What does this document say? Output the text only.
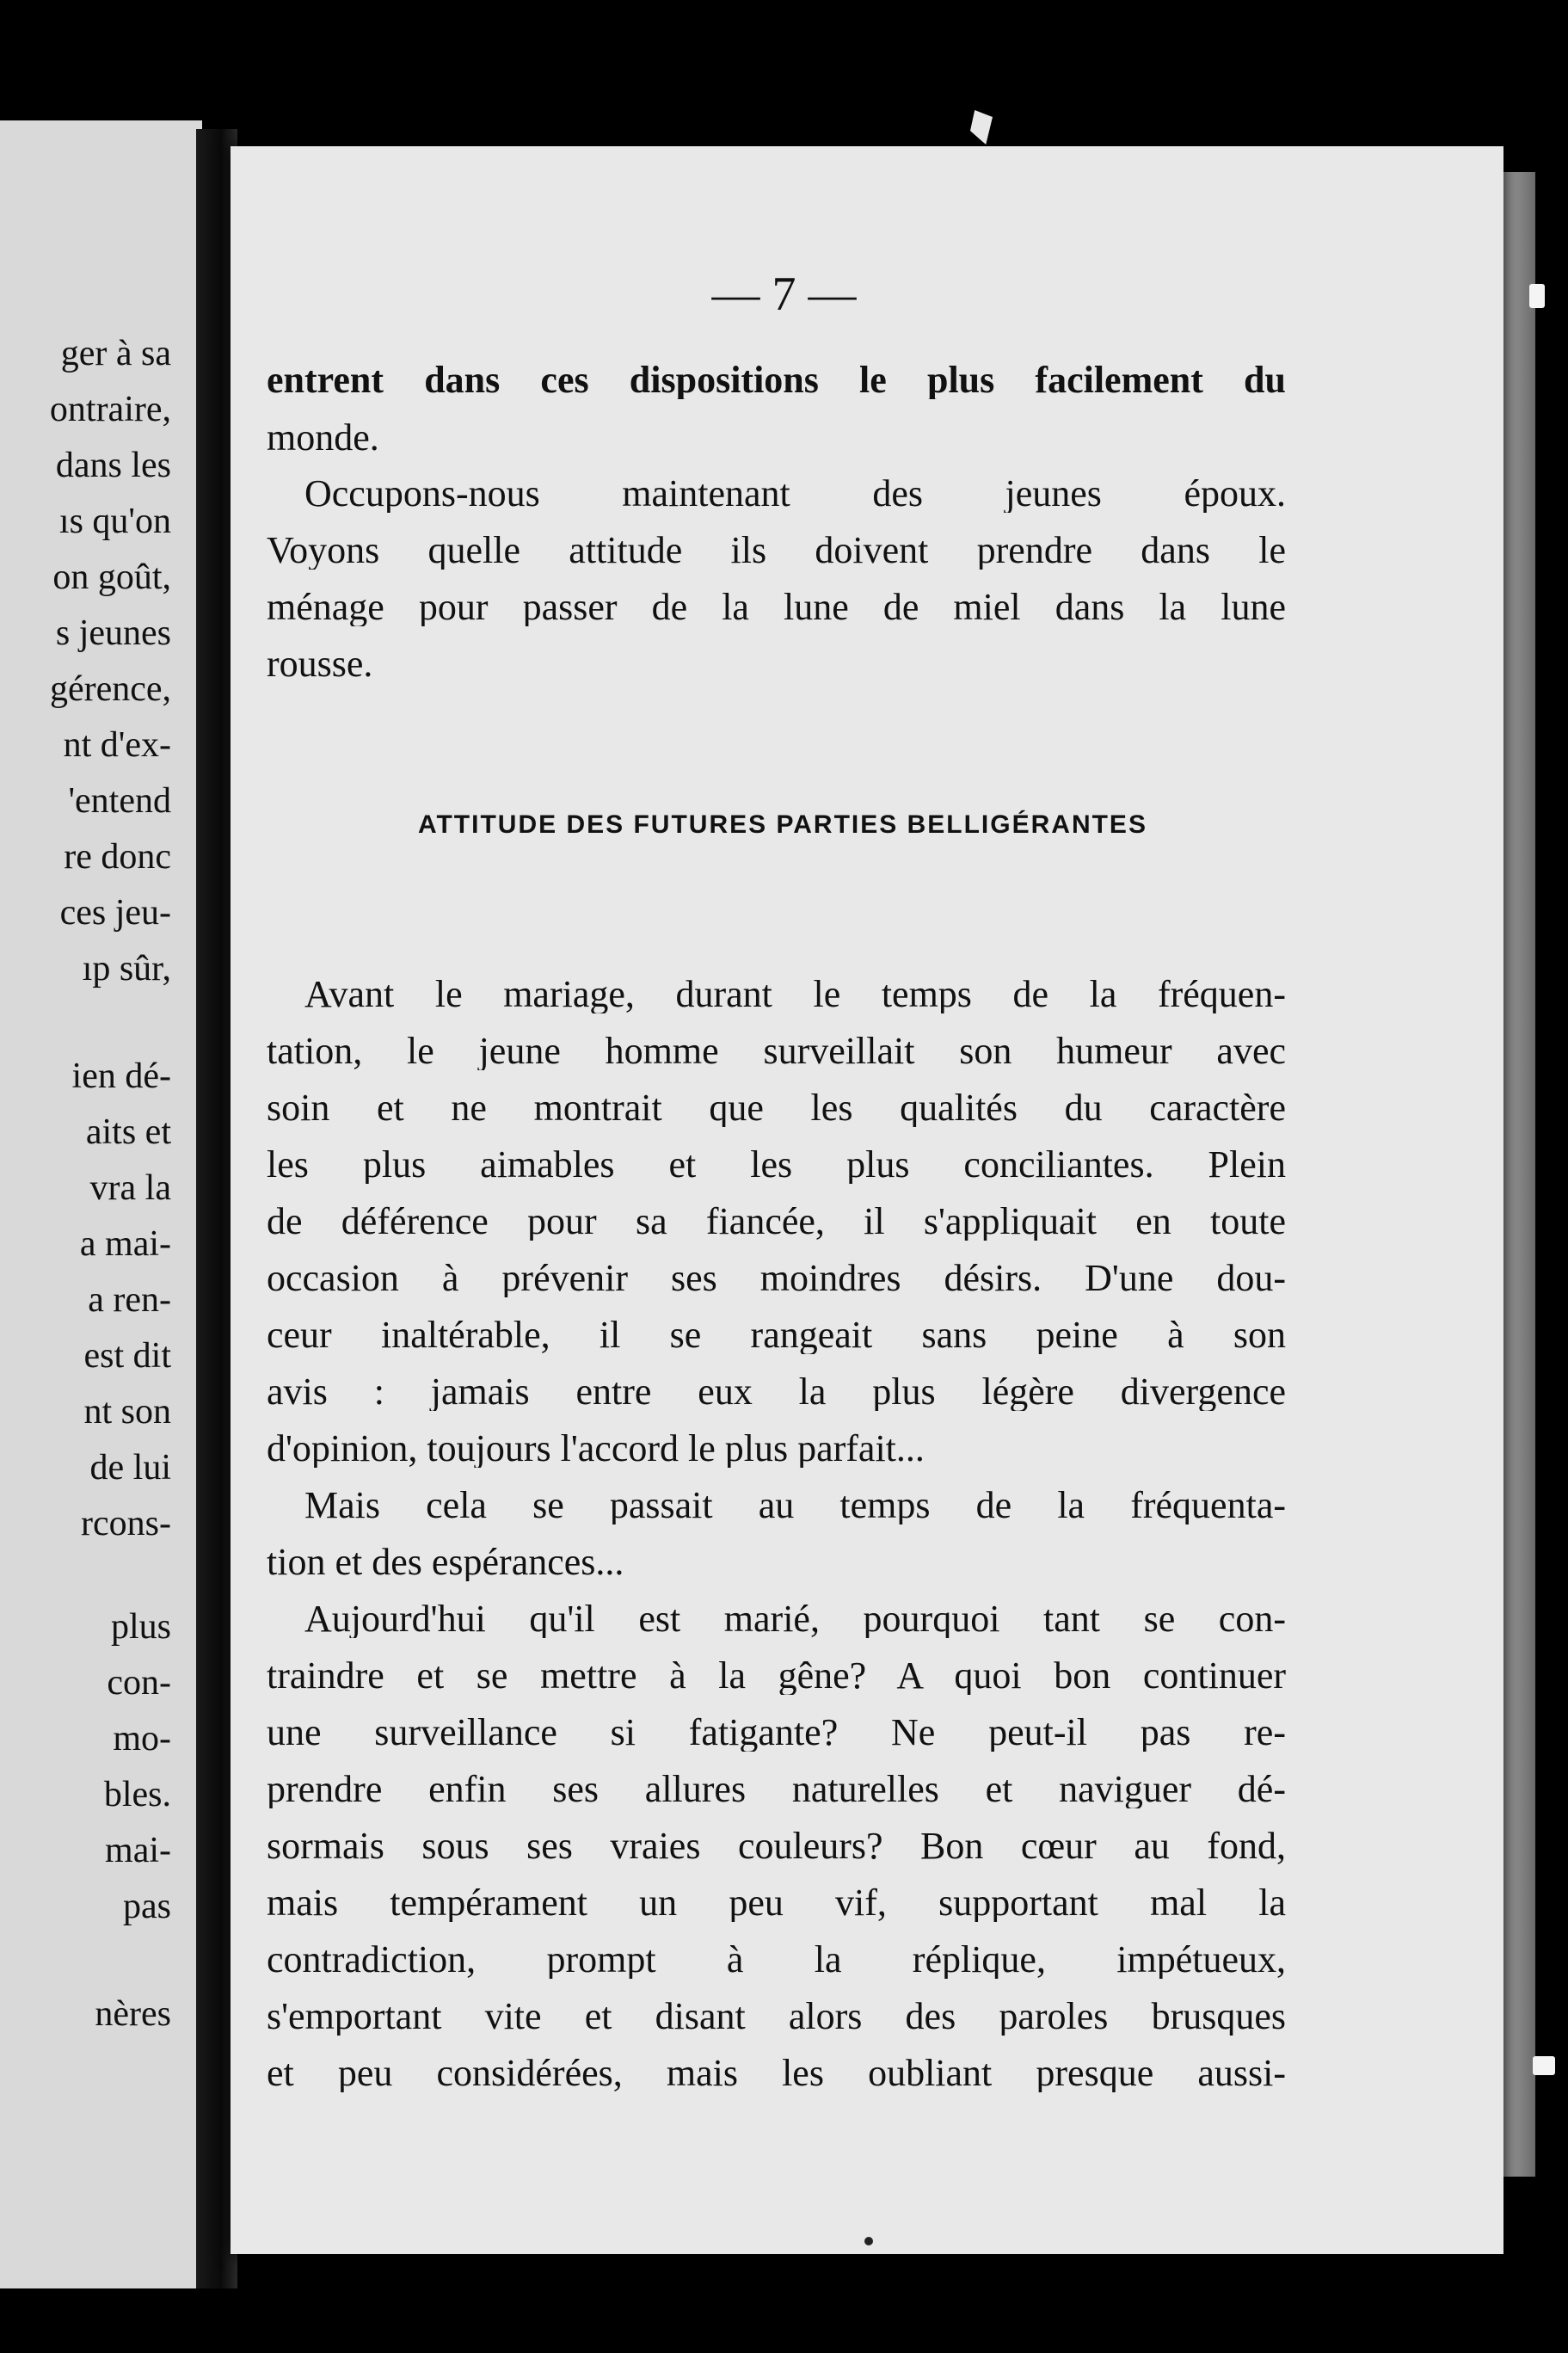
ger à sa
ontraire,
dans les
ıs qu'on
on goût,
s jeunes
gérence,
nt d'ex-
'entend
re donc
ces jeu-
ıp sûr,
ien dé-
aits et
vra la
a mai-
a ren-
est dit
nt son
de lui
rcons-
plus
con-
mo-
bles.
mai-
pas
nères
— 7 —
entrent dans ces dispositions le plus facilement du
monde.
Occupons-nous maintenant des jeunes époux.
Voyons quelle attitude ils doivent prendre dans le
ménage pour passer de la lune de miel dans la lune
rousse.
ATTITUDE DES FUTURES PARTIES BELLIGÉRANTES
Avant le mariage, durant le temps de la fréquen-
tation, le jeune homme surveillait son humeur avec
soin et ne montrait que les qualités du caractère
les plus aimables et les plus conciliantes. Plein
de déférence pour sa fiancée, il s'appliquait en toute
occasion à prévenir ses moindres désirs. D'une dou-
ceur inaltérable, il se rangeait sans peine à son
avis : jamais entre eux la plus légère divergence
d'opinion, toujours l'accord le plus parfait...
Mais cela se passait au temps de la fréquenta-
tion et des espérances...
Aujourd'hui qu'il est marié, pourquoi tant se con-
traindre et se mettre à la gêne? A quoi bon continuer
une surveillance si fatigante? Ne peut-il pas re-
prendre enfin ses allures naturelles et naviguer dé-
sormais sous ses vraies couleurs? Bon cœur au fond,
mais tempérament un peu vif, supportant mal la
contradiction, prompt à la réplique, impétueux,
s'emportant vite et disant alors des paroles brusques
et peu considérées, mais les oubliant presque aussi-
